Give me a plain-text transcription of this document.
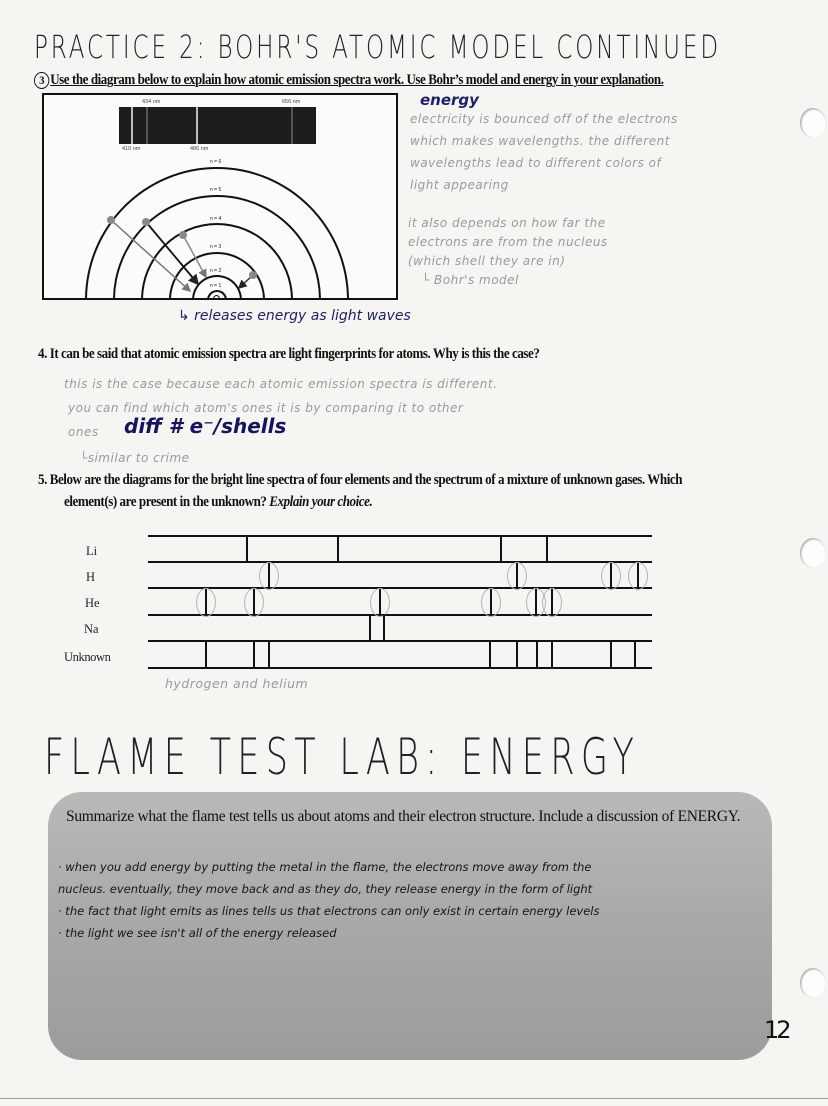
PRACTICE 2: BOHR'S ATOMIC MODEL CONTINUED
3 Use the diagram below to explain how atomic emission spectra work. Use Bohr’s model and energy in your explanation.
434 nm	656 nm
410 nm	486 nm
n = 6
n = 5
n = 4
n = 3
n = 2
n = 1
energy
electricity is bounced off of the electrons
which makes wavelengths. the different
wavelengths lead to different colors of
light appearing
it also depends on how far the
electrons are from the nucleus
(which shell they are in)
└ Bohr's model
↳ releases energy as light waves
4. It can be said that atomic emission spectra are light fingerprints for atoms. Why is this the case?
this is the case because each atomic emission spectra is different.
you can find which atom's ones it is by comparing it to other
ones	diff # e⁻/shells
└similar to crime
5. Below are the diagrams for the bright line spectra of four elements and the spectrum of a mixture of unknown gases. Which
element(s) are present in the unknown? Explain your choice.
Li
H
He
Na
Unknown
hydrogen and helium
FLAME TEST LAB: ENERGY
Summarize what the flame test tells us about atoms and their electron structure. Include a discussion of ENERGY.
· when you add energy by putting the metal in the flame, the electrons move away from the
nucleus. eventually, they move back and as they do, they release energy in the form of light
· the fact that light emits as lines tells us that electrons can only exist in certain energy levels
· the light we see isn't all of the energy released
12
